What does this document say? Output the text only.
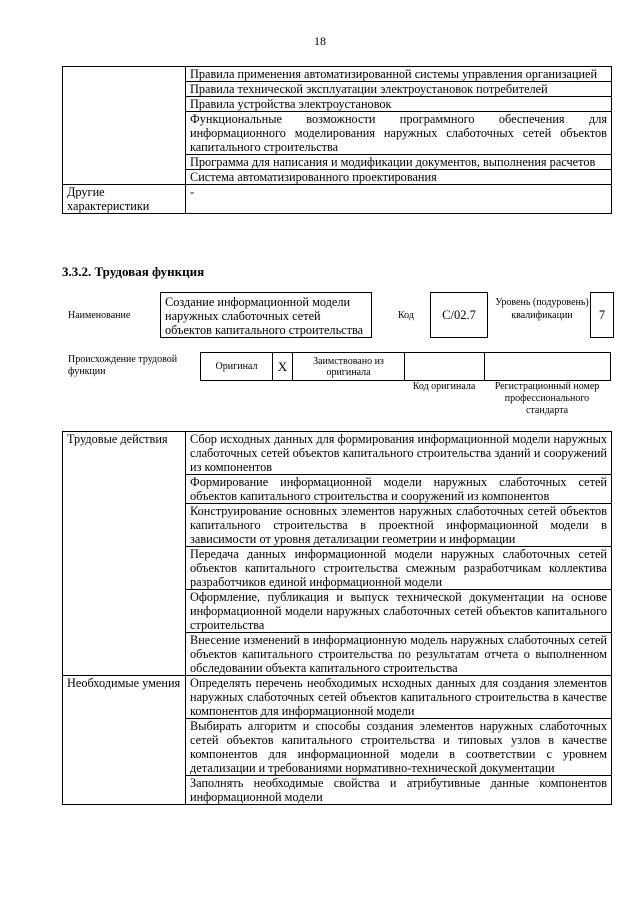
18
	Правила применения автоматизированной системы управления организацией
	Правила технической эксплуатации электроустановок потребителей
	Правила устройства электроустановок
	Функциональные возможности программного обеспечения для информационного моделирования наружных слаботочных сетей объектов капитального строительства
	Программа для написания и модификации документов, выполнения расчетов
	Система автоматизированного проектирования
Другие характеристики	-
3.3.2. Трудовая функция
Наименование
Создание информационной модели наружных слаботочных сетей объектов капитального строительства
Код	С/02.7
Уровень (подуровень) квалификации	7
Происхождение трудовой функции	Оригинал	X	Заимствовано из оригинала		
Код оригинала	Регистрационный номер профессионального стандарта
Трудовые действия	Сбор исходных данных для формирования информационной модели наружных слаботочных сетей объектов капитального строительства зданий и сооружений из компонентов
	Формирование информационной модели наружных слаботочных сетей объектов капитального строительства и сооружений из компонентов
	Конструирование основных элементов наружных слаботочных сетей объектов капитального строительства в проектной информационной модели в зависимости от уровня детализации геометрии и информации
	Передача данных информационной модели наружных слаботочных сетей объектов капитального строительства смежным разработчикам коллектива разработчиков единой информационной модели
	Оформление, публикация и выпуск технической документации на основе информационной модели наружных слаботочных сетей объектов капитального строительства
	Внесение изменений в информационную модель наружных слаботочных сетей объектов капитального строительства по результатам отчета о выполненном обследовании объекта капитального строительства
Необходимые умения	Определять перечень необходимых исходных данных для создания элементов наружных слаботочных сетей объектов капитального строительства в качестве компонентов для информационной модели
	Выбирать алгоритм и способы создания элементов наружных слаботочных сетей объектов капитального строительства и типовых узлов в качестве компонентов для информационной модели в соответствии с уровнем детализации и требованиями нормативно-технической документации
	Заполнять необходимые свойства и атрибутивные данные компонентов информационной модели
